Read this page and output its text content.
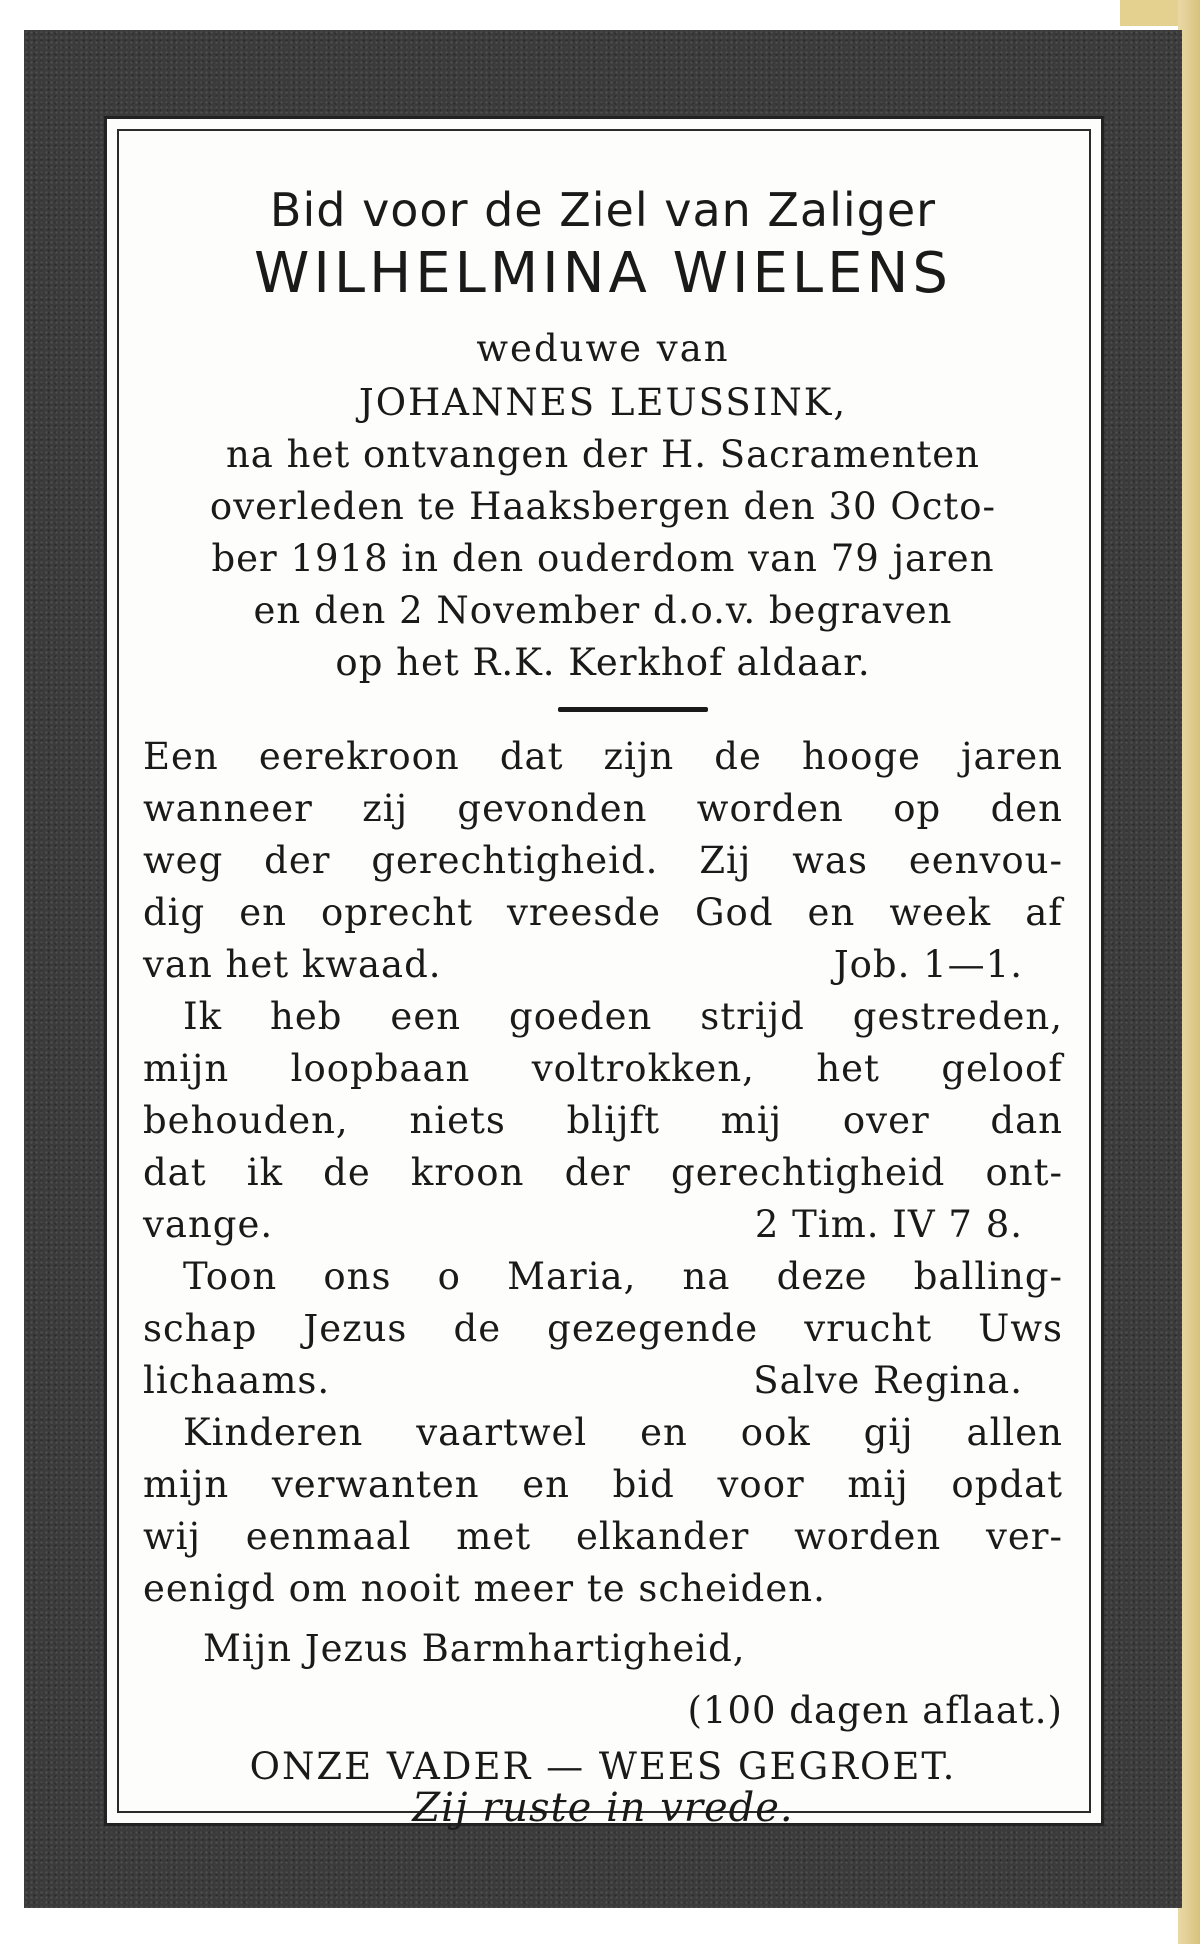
Bid voor de Ziel van Zaliger
WILHELMINA WIELENS
weduwe van
JOHANNES LEUSSINK,
na het ontvangen der H. Sacramenten
overleden te Haaksbergen den 30 Octo-
ber 1918 in den ouderdom van 79 jaren
en den 2 November d.o.v. begraven
op het R.K. Kerkhof aldaar.
Een eerekroon dat zijn de hooge jaren
wanneer zij gevonden worden op den
weg der gerechtigheid. Zij was eenvou-
dig en oprecht vreesde God en week af
van het kwaad.	Job. 1—1.
Ik heb een goeden strijd gestreden,
mijn loopbaan voltrokken, het geloof
behouden, niets blijft mij over dan
dat ik de kroon der gerechtigheid ont-
vange.	2 Tim. IV 7 8.
Toon ons o Maria, na deze balling-
schap Jezus de gezegende vrucht Uws
lichaams.	Salve Regina.
Kinderen vaartwel en ook gij allen
mijn verwanten en bid voor mij opdat
wij eenmaal met elkander worden ver-
eenigd om nooit meer te scheiden.
Mijn Jezus Barmhartigheid,
(100 dagen aflaat.)
ONZE VADER — WEES GEGROET.
Zij ruste in vrede.
